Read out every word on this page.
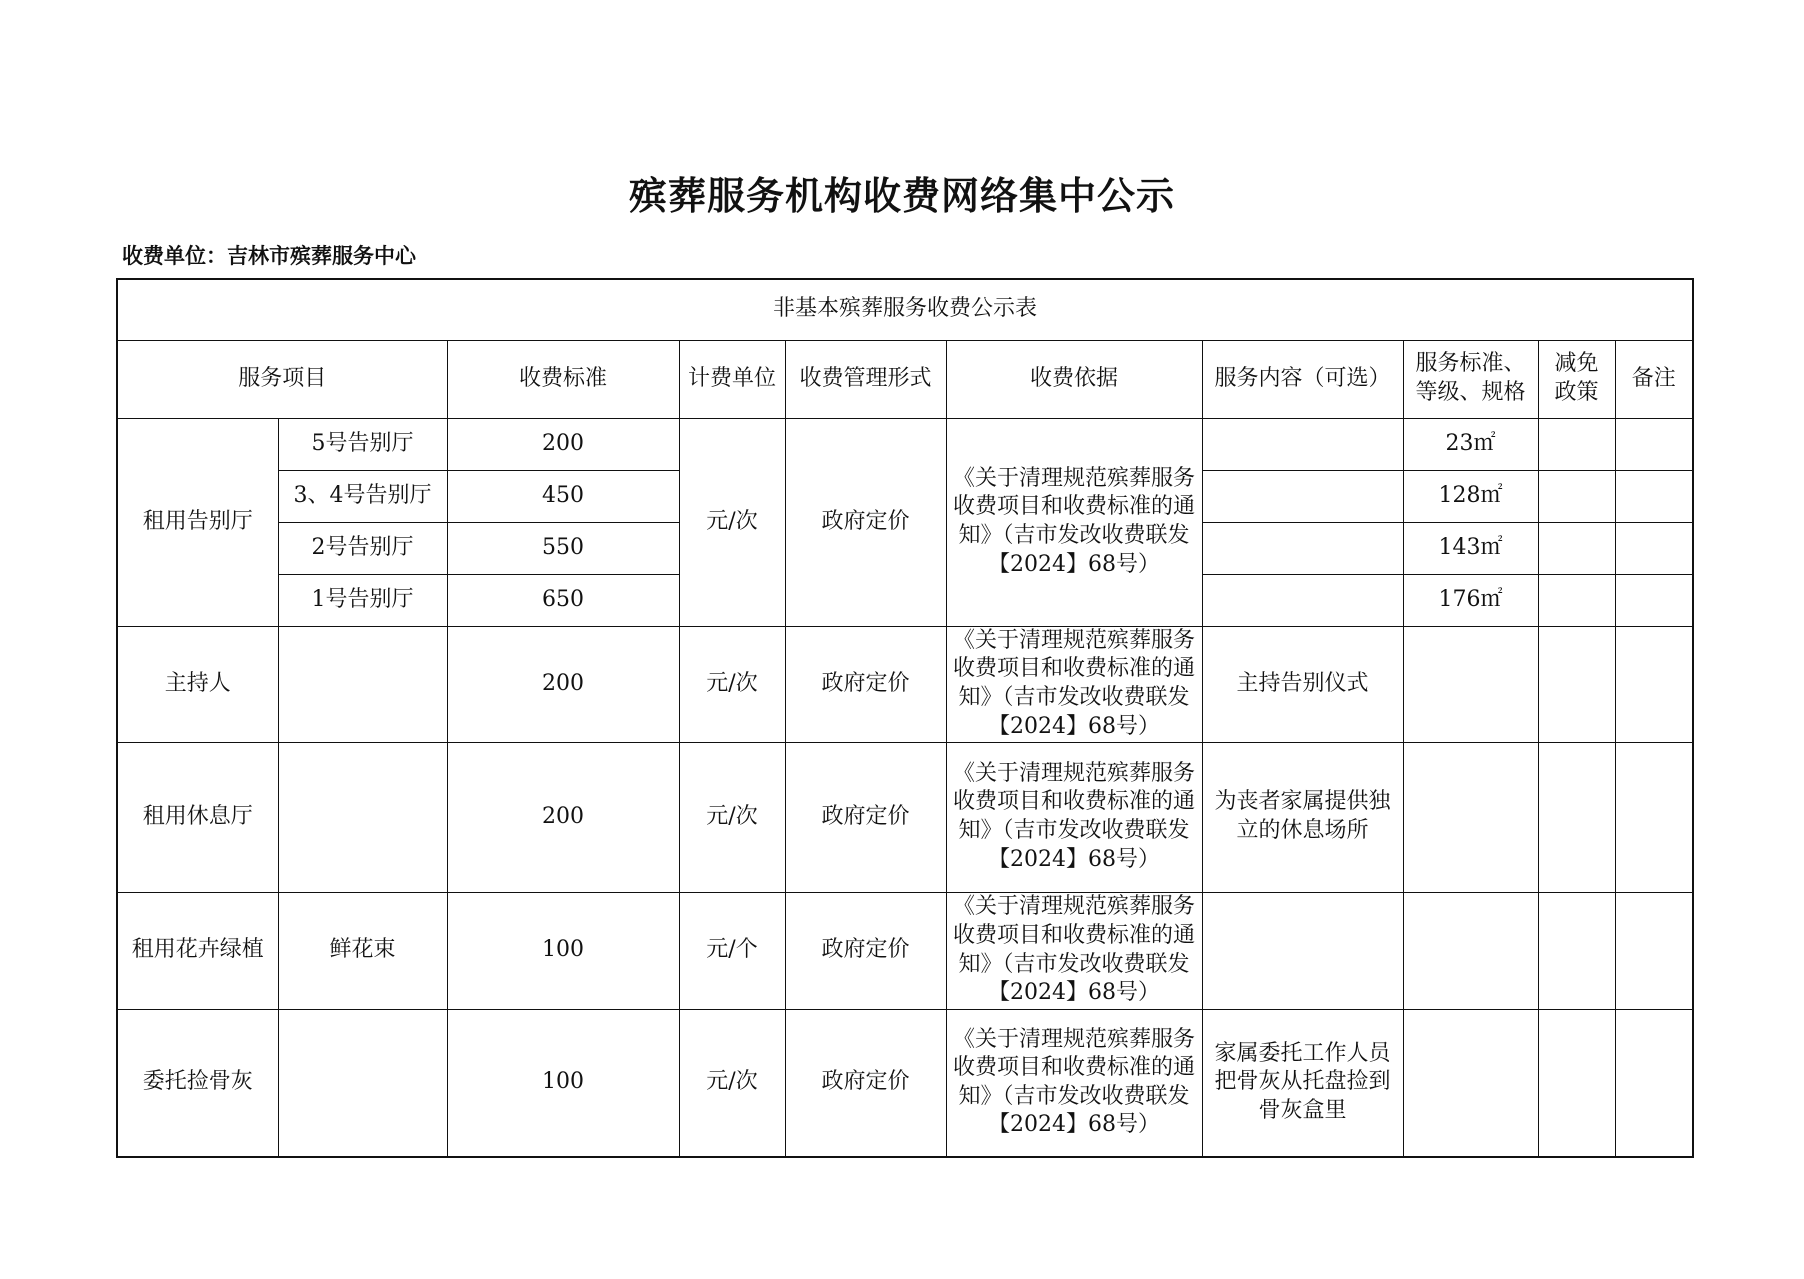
殡葬服务机构收费网络集中公示
收费单位：吉林市殡葬服务中心
非基本殡葬服务收费公示表									
服务项目		收费标准	计费单位	收费管理形式	收费依据	服务内容（可选）	服务标准、等级、规格	减免政策	备注
租用告别厅	5号告别厅	200	元/次	政府定价	《关于清理规范殡葬服务收费项目和收费标准的通知》（吉市发改收费联发【2024】68号）		23㎡		
	3、4号告别厅	450					128㎡		
	2号告别厅	550					143㎡		
	1号告别厅	650					176㎡		
主持人		200	元/次	政府定价	《关于清理规范殡葬服务收费项目和收费标准的通知》（吉市发改收费联发【2024】68号）	主持告别仪式			
租用休息厅		200	元/次	政府定价	《关于清理规范殡葬服务收费项目和收费标准的通知》（吉市发改收费联发【2024】68号）	为丧者家属提供独立的休息场所			
租用花卉绿植	鲜花束	100	元/个	政府定价	《关于清理规范殡葬服务收费项目和收费标准的通知》（吉市发改收费联发【2024】68号）				
委托捡骨灰		100	元/次	政府定价	《关于清理规范殡葬服务收费项目和收费标准的通知》（吉市发改收费联发【2024】68号）	家属委托工作人员把骨灰从托盘捡到骨灰盒里			
